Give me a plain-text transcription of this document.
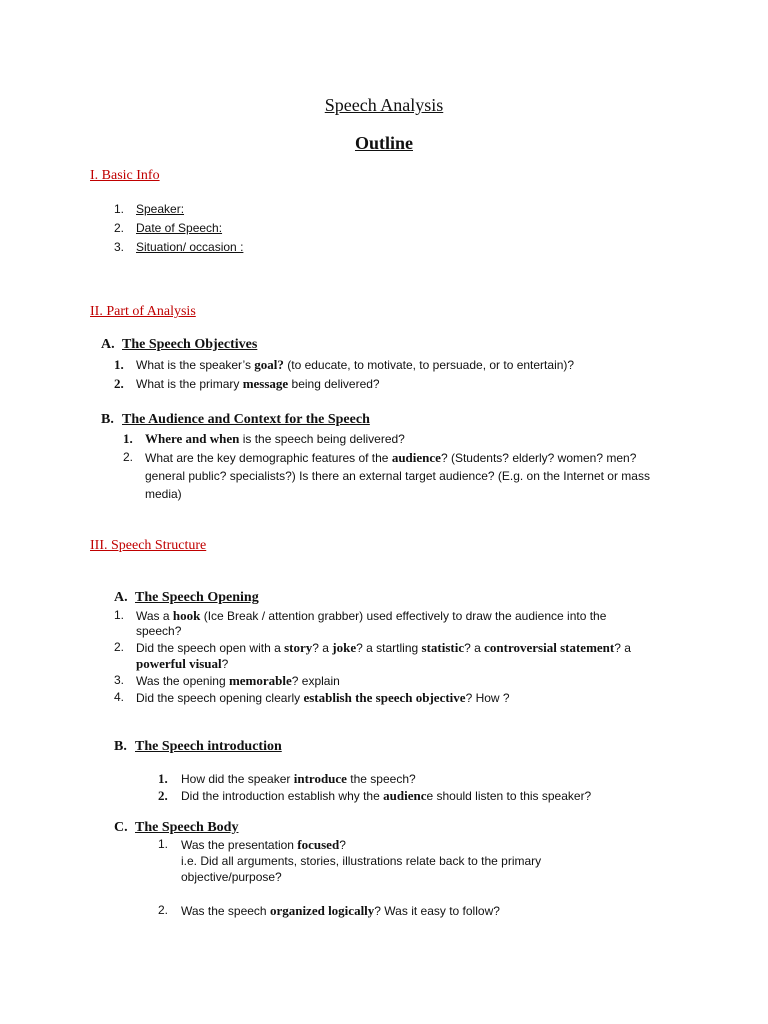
Speech Analysis
Outline
I. Basic Info
1. Speaker:
2. Date of Speech:
3. Situation/ occasion :
II. Part of Analysis
A. The Speech Objectives
1. What is the speaker’s goal? (to educate, to motivate, to persuade, or to entertain)?
2. What is the primary message being delivered?
B. The Audience and Context for the Speech
1. Where and when is the speech being delivered?
2. What are the key demographic features of the audience? (Students? elderly? women? men?
general public? specialists?) Is there an external target audience? (E.g. on the Internet or mass
media)
III. Speech Structure
A. The Speech Opening
1. Was a hook (Ice Break / attention grabber) used effectively to draw the audience into the
speech?
2. Did the speech open with a story? a joke? a startling statistic? a controversial statement? a
powerful visual?
3. Was the opening memorable? explain
4. Did the speech opening clearly establish the speech objective? How ?
B. The Speech introduction
1. How did the speaker introduce the speech?
2. Did the introduction establish why the audience should listen to this speaker?
C. The Speech Body
1. Was the presentation focused?
i.e. Did all arguments, stories, illustrations relate back to the primary
objective/purpose?
2. Was the speech organized logically? Was it easy to follow?
